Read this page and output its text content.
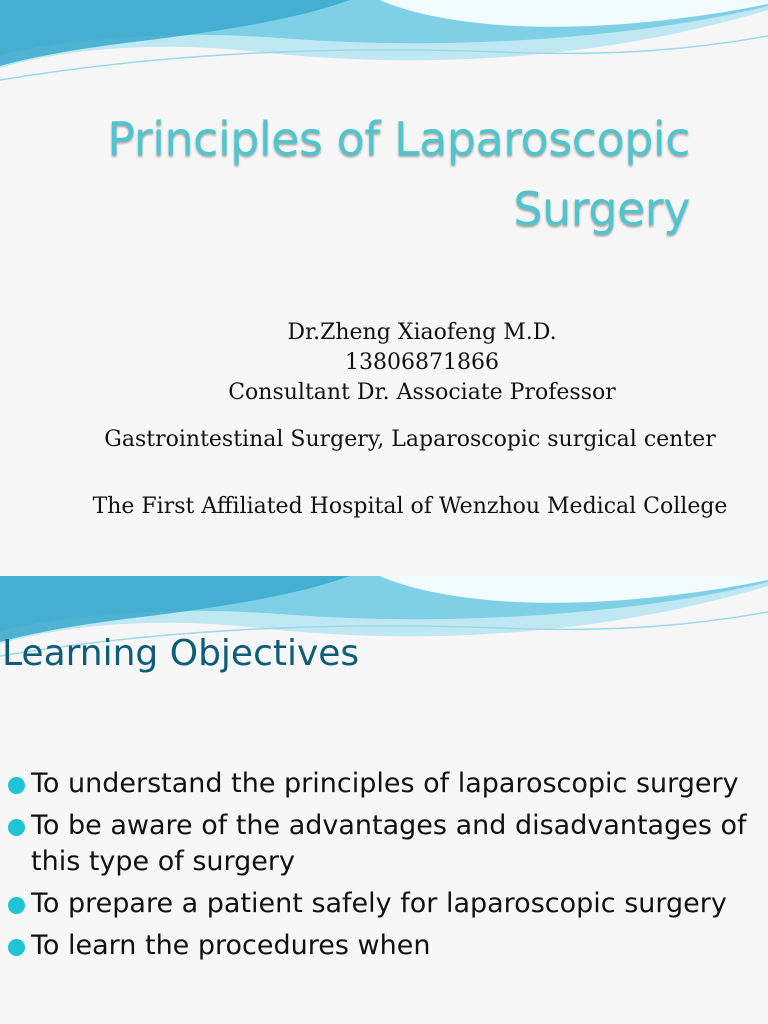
Principles of Laparoscopic
Surgery
Dr.Zheng Xiaofeng M.D.
13806871866
Consultant Dr. Associate Professor
Gastrointestinal Surgery, Laparoscopic surgical center
The First Affiliated Hospital of Wenzhou Medical College
Learning Objectives
To understand the principles of laparoscopic surgery
To be aware of the advantages and disadvantages of this type of surgery
To prepare a patient safely for laparoscopic surgery
To learn the procedures when
